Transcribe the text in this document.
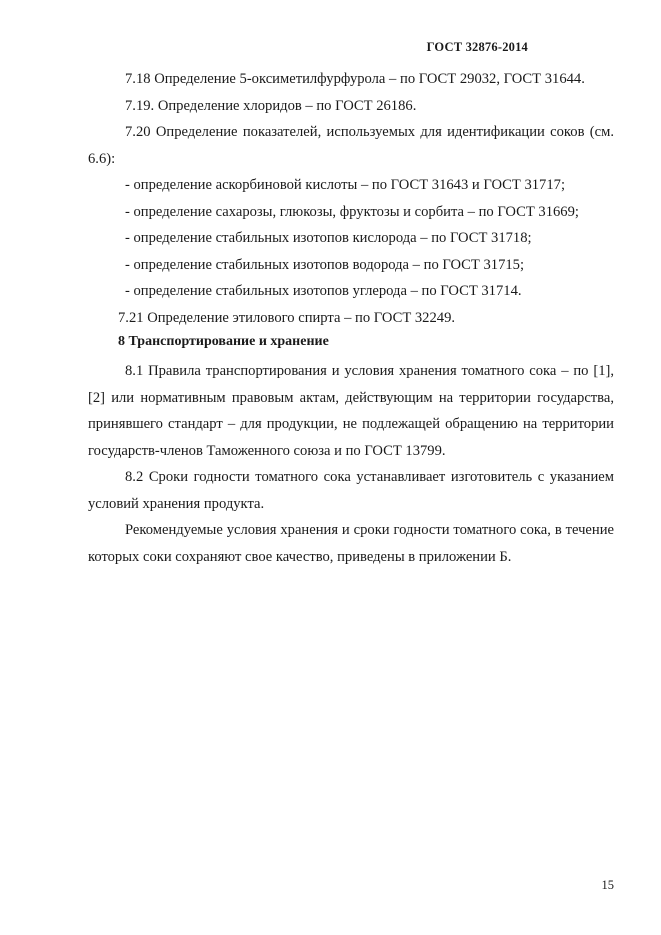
ГОСТ 32876-2014

7.18 Определение 5-оксиметилфурфурола – по ГОСТ 29032, ГОСТ 31644.

7.19. Определение хлоридов – по ГОСТ 26186.

7.20 Определение показателей, используемых для идентификации соков (см. 6.6):

- определение аскорбиновой кислоты – по ГОСТ 31643 и ГОСТ 31717;

- определение сахарозы, глюкозы, фруктозы и сорбита – по ГОСТ 31669;

- определение стабильных изотопов кислорода – по ГОСТ 31718;

- определение стабильных изотопов водорода – по ГОСТ 31715;

- определение стабильных изотопов углерода – по ГОСТ 31714.

7.21 Определение этилового спирта – по ГОСТ 32249.

8 Транспортирование и хранение

8.1 Правила транспортирования и условия хранения томатного сока – по [1], [2] или нормативным правовым актам, действующим на территории государства, принявшего стандарт – для продукции, не подлежащей обращению на территории государств-членов Таможенного союза и по ГОСТ 13799.

8.2 Сроки годности томатного сока устанавливает изготовитель с указанием условий хранения продукта.

Рекомендуемые условия хранения и сроки годности томатного сока, в течение которых соки сохраняют свое качество, приведены в приложении Б.

15
